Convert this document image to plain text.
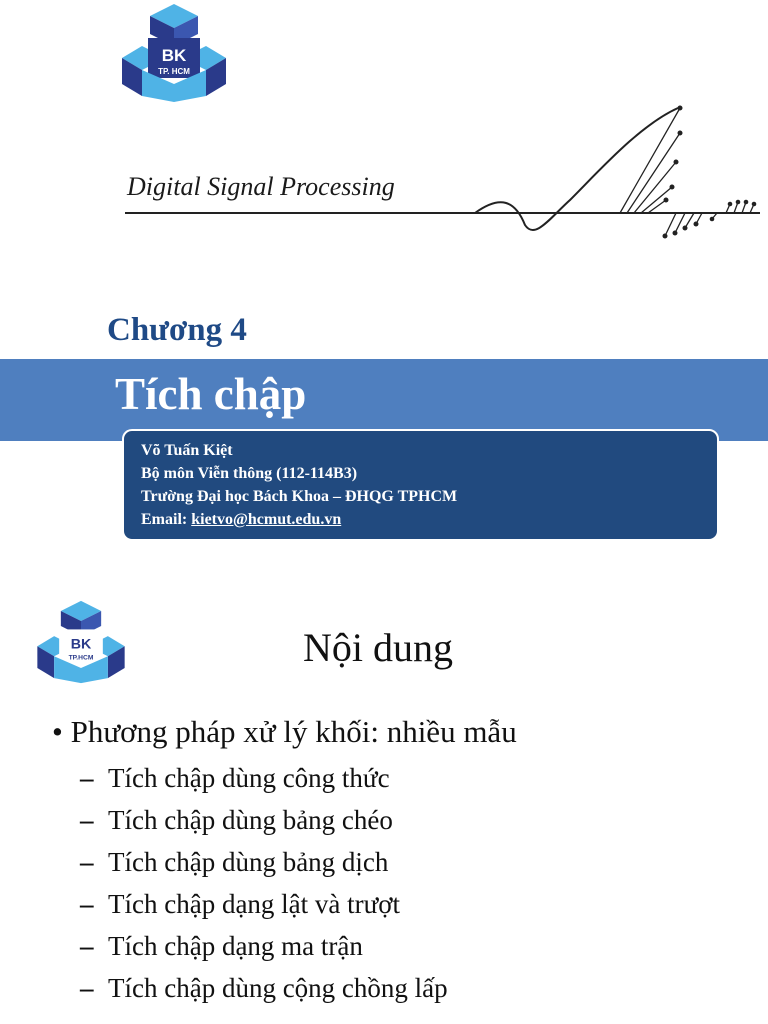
BK
TP. HCM
Digital Signal Processing
Chương 4
Tích chập
Võ Tuấn Kiệt
Bộ môn Viễn thông (112-114B3)
Trường Đại học Bách Khoa – ĐHQG TPHCM
Email: kietvo@hcmut.edu.vn
BK
TP.HCM	Nội dung
• Phương pháp xử lý khối: nhiều mẫu
– Tích chập dùng công thức
– Tích chập dùng bảng chéo
– Tích chập dùng bảng dịch
– Tích chập dạng lật và trượt
– Tích chập dạng ma trận
– Tích chập dùng cộng chồng lấp
